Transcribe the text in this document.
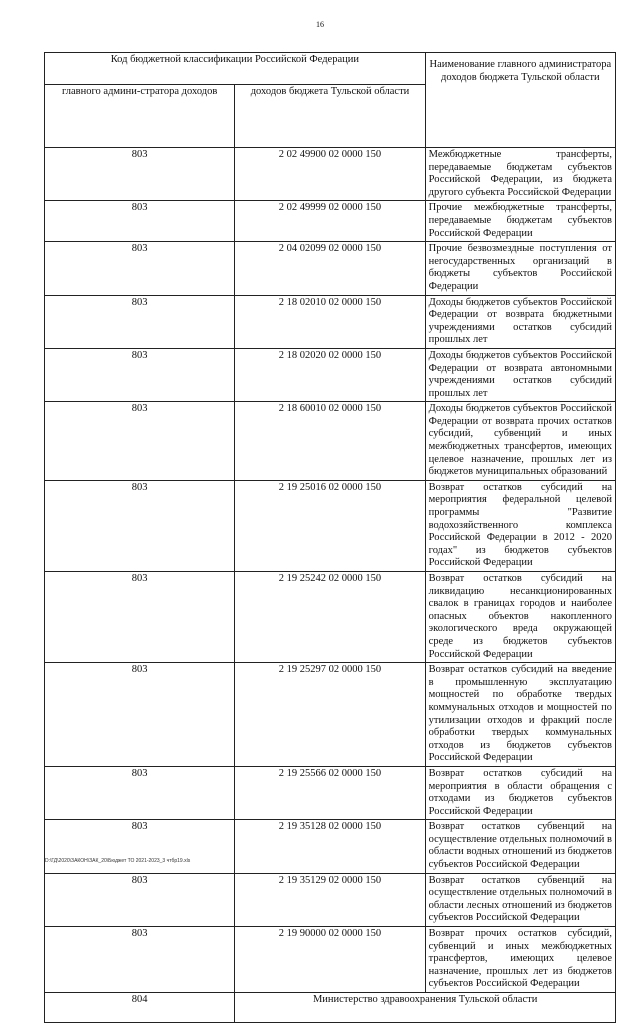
16
Код бюджетной классификации Российской Федерации		Наименование главного администратора доходов бюджета Тульской области
главного админи-стратора доходов	доходов бюджета Тульской области	
803	2 02 49900 02 0000 150	Межбюджетные трансферты, передаваемые бюджетам субъектов Российской Федерации, из бюджета другого субъекта Российской Федерации
803	2 02 49999 02 0000 150	Прочие межбюджетные трансферты, передаваемые бюджетам субъектов Российской Федерации
803	2 04 02099 02 0000 150	Прочие безвозмездные поступления от негосударственных организаций в бюджеты субъектов Российской Федерации
803	2 18 02010 02 0000 150	Доходы бюджетов субъектов Российской Федерации от возврата бюджетными учреждениями остатков субсидий прошлых лет
803	2 18 02020 02 0000 150	Доходы бюджетов субъектов Российской Федерации от возврата автономными учреждениями остатков субсидий прошлых лет
803	2 18 60010 02 0000 150	Доходы бюджетов субъектов Российской Федерации от возврата прочих остатков субсидий, субвенций и иных межбюджетных трансфертов, имеющих целевое назначение, прошлых лет из бюджетов муниципальных образований
803	2 19 25016 02 0000 150	Возврат остатков субсидий на мероприятия федеральной целевой программы "Развитие водохозяйственного комплекса Российской Федерации в 2012 - 2020 годах" из бюджетов субъектов Российской Федерации
803	2 19 25242 02 0000 150	Возврат остатков субсидий на ликвидацию несанкционированных свалок в границах городов и наиболее опасных объектов накопленного экологического вреда окружающей среде из бюджетов субъектов Российской Федерации
803	2 19 25297 02 0000 150	Возврат остатков субсидий на введение в промышленную эксплуатацию мощностей по обработке твердых коммунальных отходов и мощностей по утилизации отходов и фракций после обработки твердых коммунальных отходов из бюджетов субъектов Российской Федерации
803	2 19 25566 02 0000 150	Возврат остатков субсидий на мероприятия в области обращения с отходами из бюджетов субъектов Российской Федерации
803	2 19 35128 02 0000 150	Возврат остатков субвенций на осуществление отдельных полномочий в области водных отношений из бюджетов субъектов Российской Федерации
803	2 19 35129 02 0000 150	Возврат остатков субвенций на осуществление отдельных полномочий в области лесных отношений из бюджетов субъектов Российской Федерации
803	2 19 90000 02 0000 150	Возврат прочих остатков субсидий, субвенций и иных межбюджетных трансфертов, имеющих целевое назначение, прошлых лет из бюджетов субъектов Российской Федерации
804	Министерство здравоохранения Тульской области	
D:\ГД\2020\ЗАКОН\ЗАК_20\Бюджет ТО 2021-2023_3 чтбр19.xls
